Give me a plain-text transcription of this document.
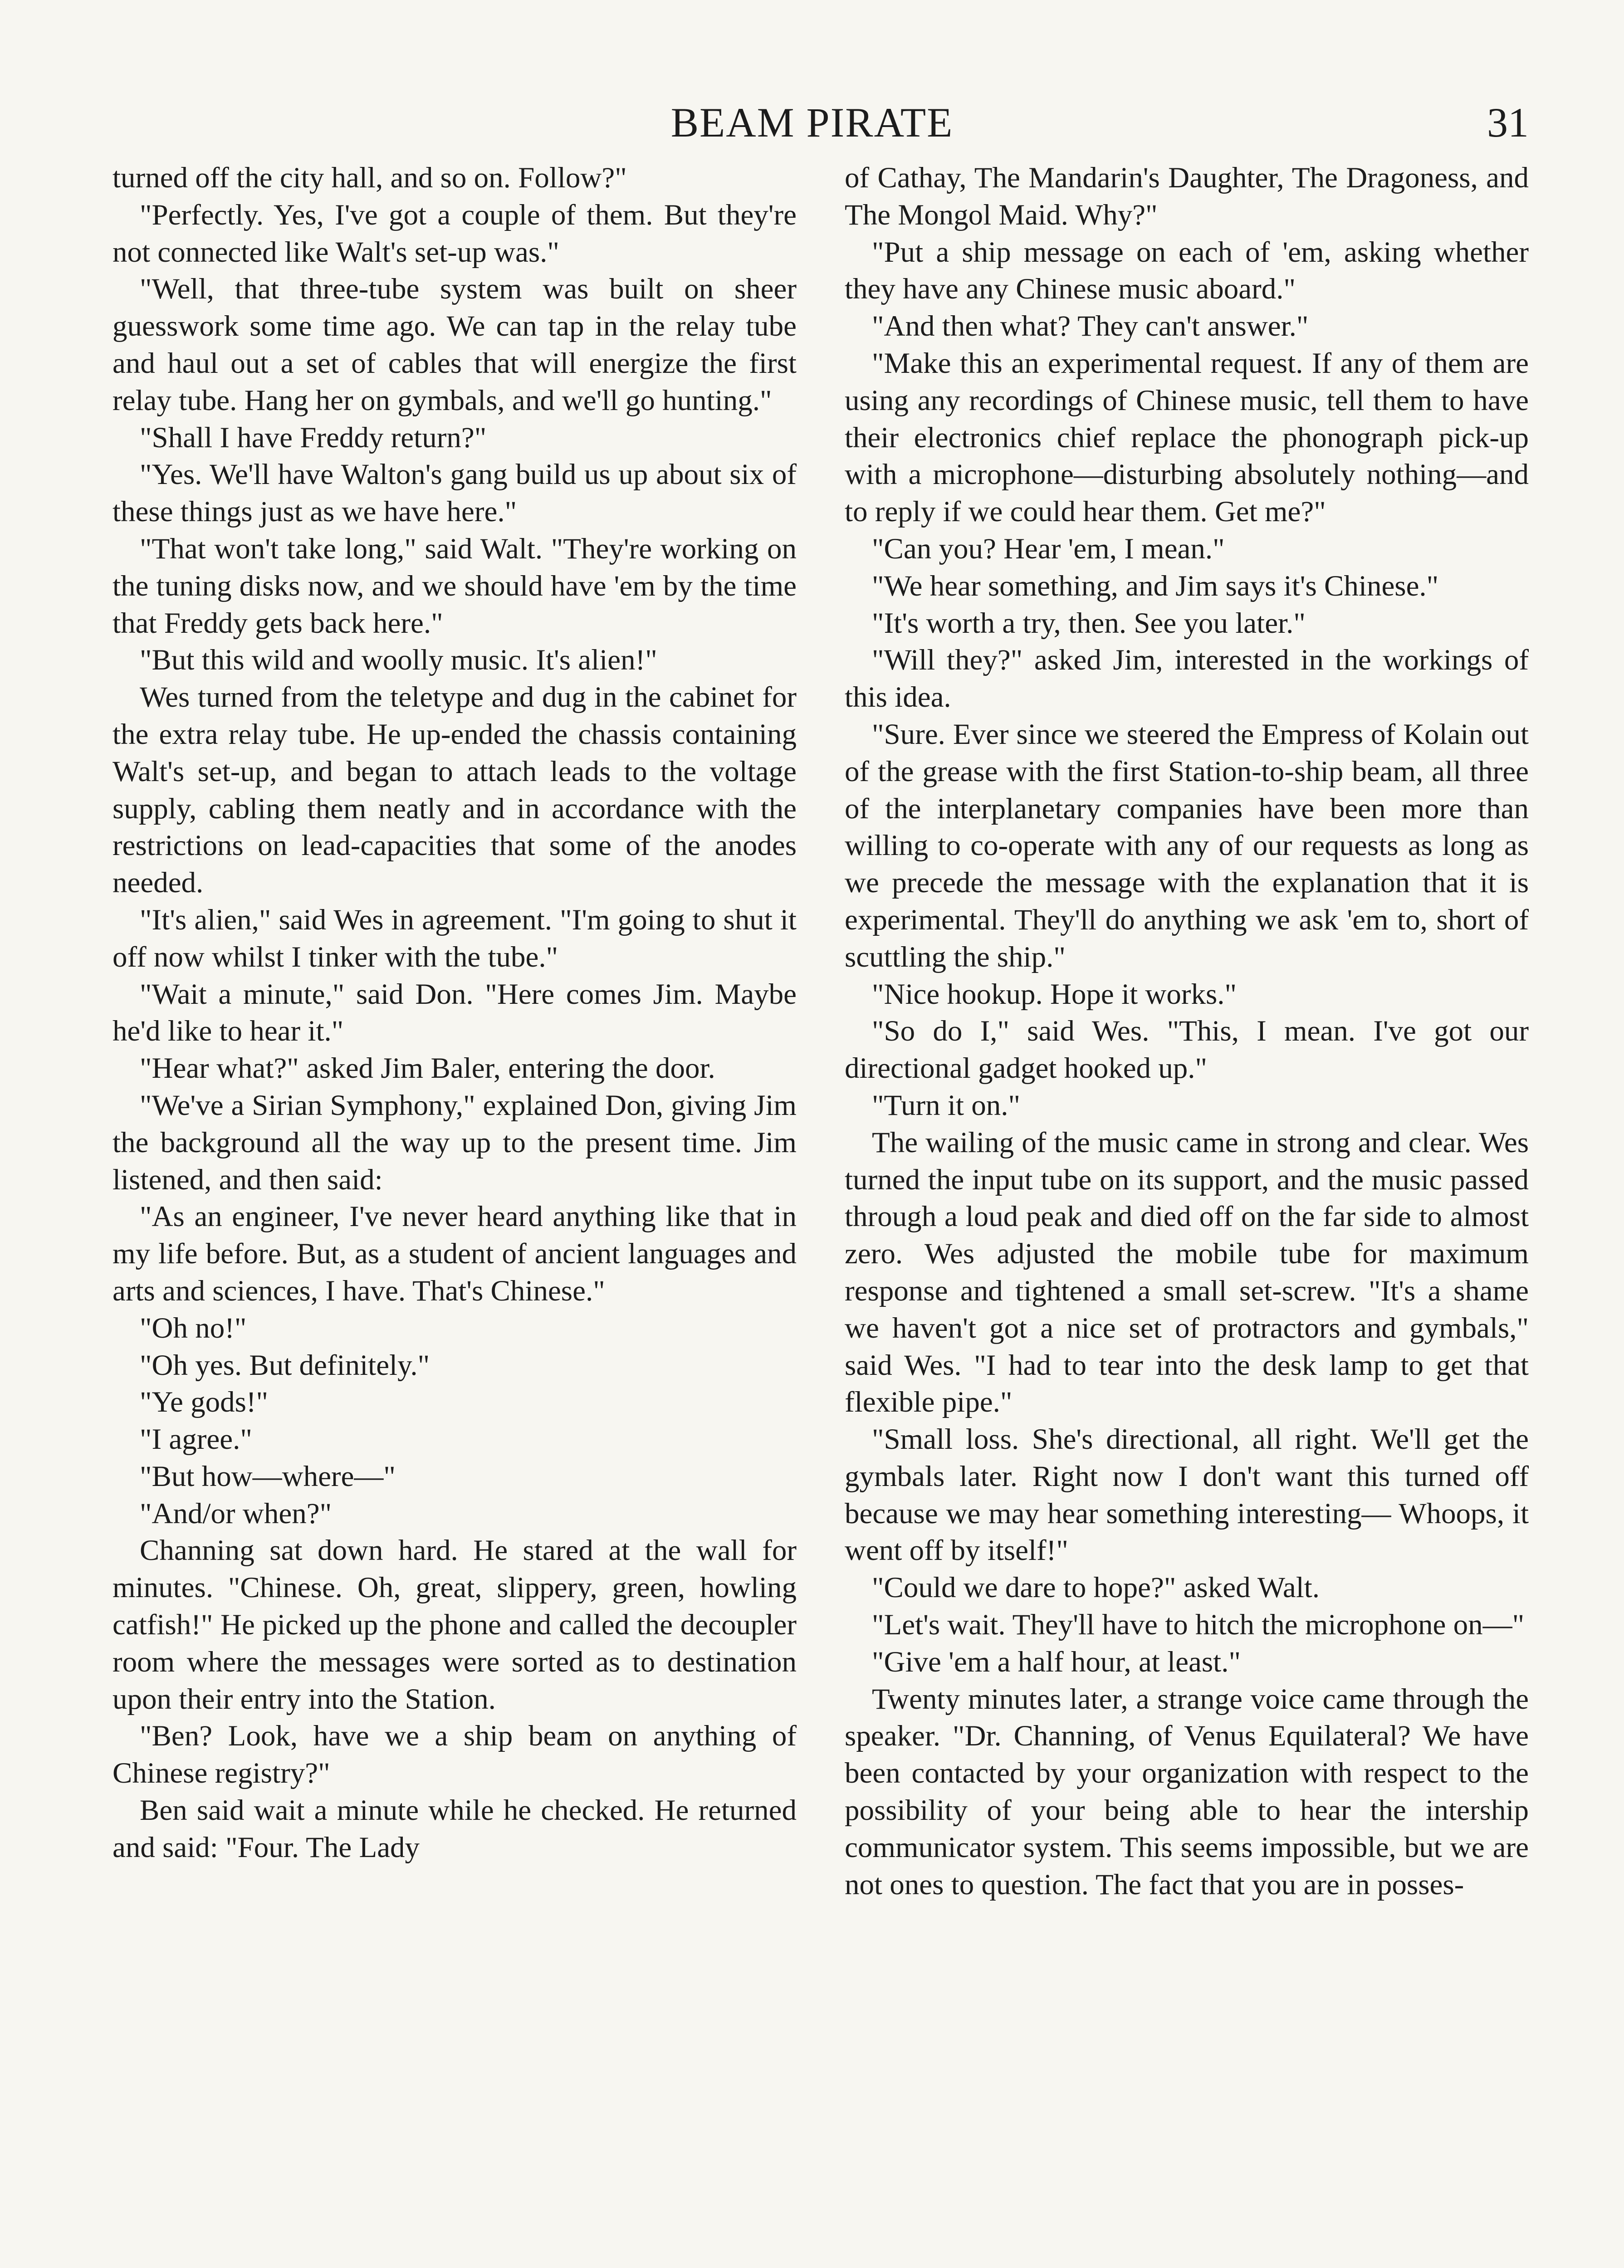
BEAM PIRATE	31

turned off the city hall, and so on. Follow?"

"Perfectly. Yes, I've got a couple of them. But they're not connected like Walt's set-up was."

"Well, that three-tube system was built on sheer guesswork some time ago. We can tap in the relay tube and haul out a set of cables that will energize the first relay tube. Hang her on gymbals, and we'll go hunting."

"Shall I have Freddy return?"

"Yes. We'll have Walton's gang build us up about six of these things just as we have here."

"That won't take long," said Walt. "They're working on the tuning disks now, and we should have 'em by the time that Freddy gets back here."

"But this wild and woolly music. It's alien!"

Wes turned from the teletype and dug in the cabinet for the extra relay tube. He up-ended the chassis containing Walt's set-up, and began to attach leads to the voltage supply, cabling them neatly and in accordance with the restrictions on lead-capacities that some of the anodes needed.

"It's alien," said Wes in agreement. "I'm going to shut it off now whilst I tinker with the tube."

"Wait a minute," said Don. "Here comes Jim. Maybe he'd like to hear it."

"Hear what?" asked Jim Baler, entering the door.

"We've a Sirian Symphony," explained Don, giving Jim the background all the way up to the present time. Jim listened, and then said:

"As an engineer, I've never heard anything like that in my life before. But, as a student of ancient languages and arts and sciences, I have. That's Chinese."

"Oh no!"

"Oh yes. But definitely."

"Ye gods!"

"I agree."

"But how—where—"

"And/or when?"

Channing sat down hard. He stared at the wall for minutes. "Chinese. Oh, great, slippery, green, howling catfish!" He picked up the phone and called the decoupler room where the messages were sorted as to destination upon their entry into the Station.

"Ben? Look, have we a ship beam on anything of Chinese registry?"

Ben said wait a minute while he checked. He returned and said: "Four. The Lady

of Cathay, The Mandarin's Daughter, The Dragoness, and The Mongol Maid. Why?"

"Put a ship message on each of 'em, asking whether they have any Chinese music aboard."

"And then what? They can't answer."

"Make this an experimental request. If any of them are using any recordings of Chinese music, tell them to have their electronics chief replace the phonograph pick-up with a microphone—disturbing absolutely nothing—and to reply if we could hear them. Get me?"

"Can you? Hear 'em, I mean."

"We hear something, and Jim says it's Chinese."

"It's worth a try, then. See you later."

"Will they?" asked Jim, interested in the workings of this idea.

"Sure. Ever since we steered the Empress of Kolain out of the grease with the first Station-to-ship beam, all three of the interplanetary companies have been more than willing to co-operate with any of our requests as long as we precede the message with the explanation that it is experimental. They'll do anything we ask 'em to, short of scuttling the ship."

"Nice hookup. Hope it works."

"So do I," said Wes. "This, I mean. I've got our directional gadget hooked up."

"Turn it on."

The wailing of the music came in strong and clear. Wes turned the input tube on its support, and the music passed through a loud peak and died off on the far side to almost zero. Wes adjusted the mobile tube for maximum response and tightened a small set-screw. "It's a shame we haven't got a nice set of protractors and gymbals," said Wes. "I had to tear into the desk lamp to get that flexible pipe."

"Small loss. She's directional, all right. We'll get the gymbals later. Right now I don't want this turned off because we may hear something interesting— Whoops, it went off by itself!"

"Could we dare to hope?" asked Walt.

"Let's wait. They'll have to hitch the microphone on—"

"Give 'em a half hour, at least."

Twenty minutes later, a strange voice came through the speaker. "Dr. Channing, of Venus Equilateral? We have been contacted by your organization with respect to the possibility of your being able to hear the intership communicator system. This seems impossible, but we are not ones to question. The fact that you are in posses-
